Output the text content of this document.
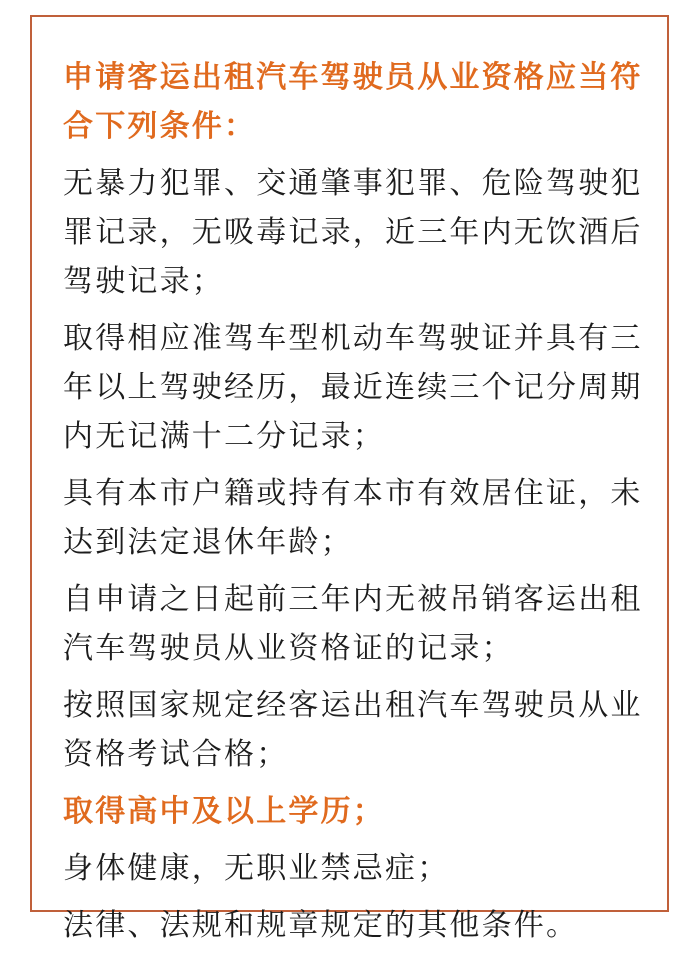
申请客运出租汽车驾驶员从业资格应当符合下列条件：

无暴力犯罪、交通肇事犯罪、危险驾驶犯罪记录，无吸毒记录，近三年内无饮酒后驾驶记录；

取得相应准驾车型机动车驾驶证并具有三年以上驾驶经历，最近连续三个记分周期内无记满十二分记录；

具有本市户籍或持有本市有效居住证，未达到法定退休年龄；

自申请之日起前三年内无被吊销客运出租汽车驾驶员从业资格证的记录；

按照国家规定经客运出租汽车驾驶员从业资格考试合格；

取得高中及以上学历；

身体健康，无职业禁忌症；

法律、法规和规章规定的其他条件。
